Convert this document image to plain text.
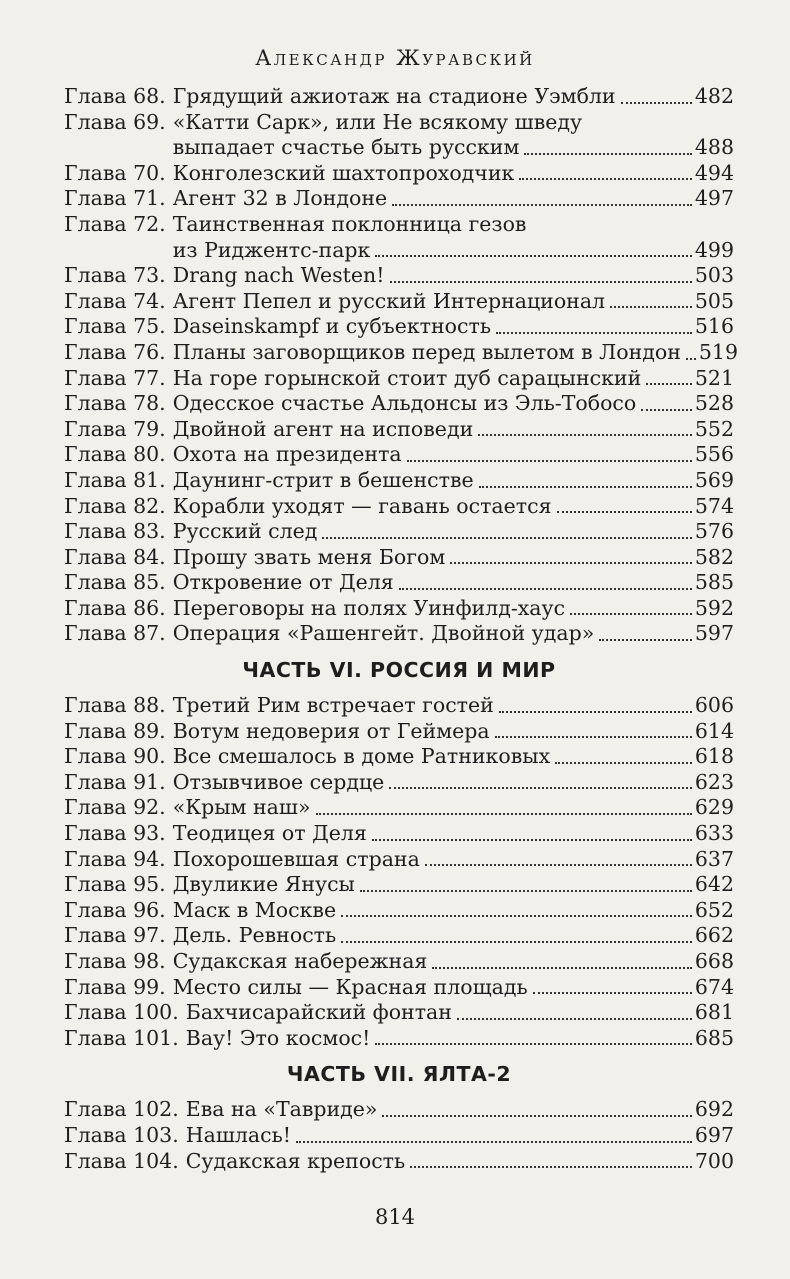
Александр Журавский
Глава 68. Грядущий ажиотаж на стадионе Уэмбли	482
Глава 69. «Катти Сарк», или Не всякому шведу
выпадает счастье быть русским	488
Глава 70. Конголезский шахтопроходчик	494
Глава 71. Агент 32 в Лондоне	497
Глава 72. Таинственная поклонница гезов
из Риджентс-парк	499
Глава 73. Drang nach Westen!	503
Глава 74. Агент Пепел и русский Интернационал	505
Глава 75. Daseinskampf и субъектность	516
Глава 76. Планы заговорщиков перед вылетом в Лондон 519
Глава 77. На горе горынской стоит дуб сарацынский	521
Глава 78. Одесское счастье Альдонсы из Эль-Тобосо	528
Глава 79. Двойной агент на исповеди	552
Глава 80. Охота на президента	556
Глава 81. Даунинг-стрит в бешенстве	569
Глава 82. Корабли уходят — гавань остается	574
Глава 83. Русский след	576
Глава 84. Прошу звать меня Богом	582
Глава 85. Откровение от Деля	585
Глава 86. Переговоры на полях Уинфилд-хаус	592
Глава 87. Операция «Рашенгейт. Двойной удар»	597
ЧАСТЬ VI. РОССИЯ И МИР
Глава 88. Третий Рим встречает гостей	606
Глава 89. Вотум недоверия от Геймера	614
Глава 90. Все смешалось в доме Ратниковых	618
Глава 91. Отзывчивое сердце	623
Глава 92. «Крым наш»	629
Глава 93. Теодицея от Деля	633
Глава 94. Похорошевшая страна	637
Глава 95. Двуликие Янусы	642
Глава 96. Маск в Москве	652
Глава 97. Дель. Ревность	662
Глава 98. Судакская набережная	668
Глава 99. Место силы — Красная площадь	674
Глава 100. Бахчисарайский фонтан	681
Глава 101. Вау! Это космос!	685
ЧАСТЬ VII. ЯЛТА-2
Глава 102. Ева на «Тавриде»	692
Глава 103. Нашлась!	697
Глава 104. Судакская крепость	700
814
